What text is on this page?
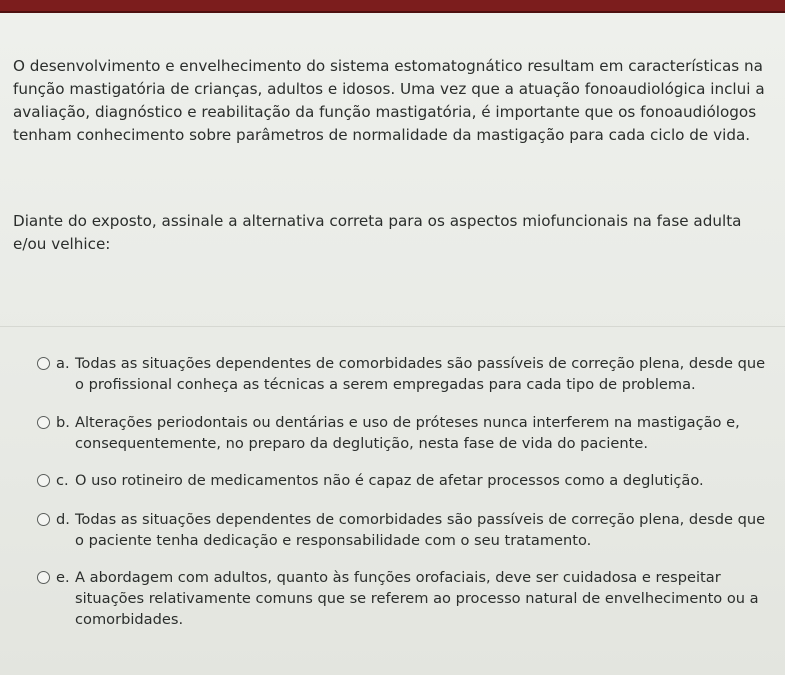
O desenvolvimento e envelhecimento do sistema estomatognático resultam em características na função mastigatória de crianças, adultos e idosos. Uma vez que a atuação fonoaudiológica inclui a avaliação, diagnóstico e reabilitação da função mastigatória, é importante que os fonoaudiólogos tenham conhecimento sobre parâmetros de normalidade da mastigação para cada ciclo de vida.

Diante do exposto, assinale a alternativa correta para os aspectos miofuncionais na fase adulta e/ou velhice:

a. Todas as situações dependentes de comorbidades são passíveis de correção plena, desde que o profissional conheça as técnicas a serem empregadas para cada tipo de problema.
b. Alterações periodontais ou dentárias e uso de próteses nunca interferem na mastigação e, consequentemente, no preparo da deglutição, nesta fase de vida do paciente.
c. O uso rotineiro de medicamentos não é capaz de afetar processos como a deglutição.
d. Todas as situações dependentes de comorbidades são passíveis de correção plena, desde que o paciente tenha dedicação e responsabilidade com o seu tratamento.
e. A abordagem com adultos, quanto às funções orofaciais, deve ser cuidadosa e respeitar situações relativamente comuns que se referem ao processo natural de envelhecimento ou a comorbidades.
